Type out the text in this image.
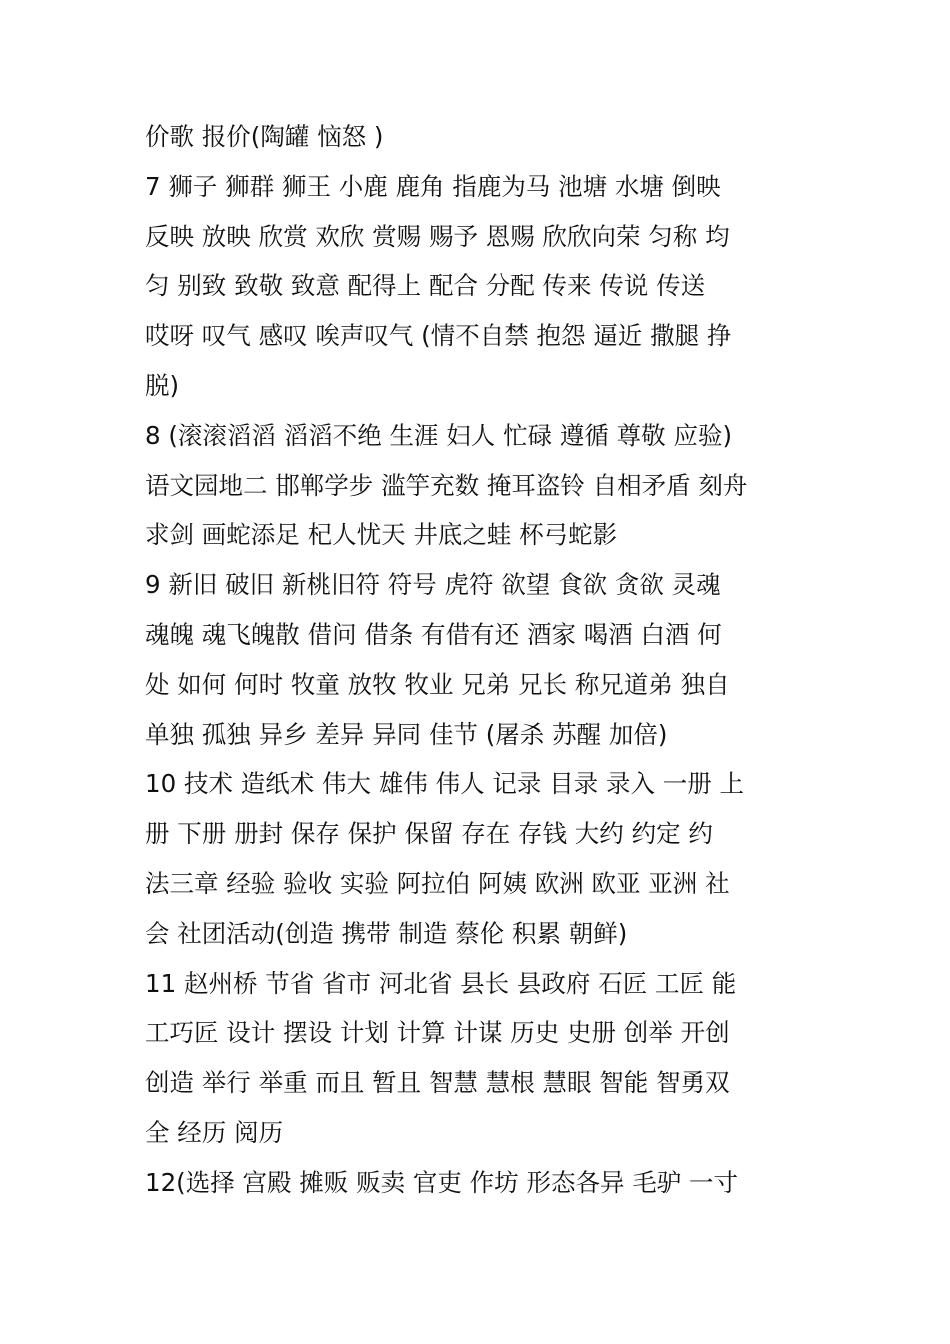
价歌 报价(陶罐 恼怒 )
7 狮子 狮群 狮王 小鹿 鹿角 指鹿为马 池塘 水塘 倒映
反映 放映 欣赏 欢欣 赏赐 赐予 恩赐 欣欣向荣 匀称 均
匀 别致 致敬 致意 配得上 配合 分配 传来 传说 传送
哎呀 叹气 感叹 唉声叹气 (情不自禁 抱怨 逼近 撒腿 挣
脱)
8 (滚滚滔滔 滔滔不绝 生涯 妇人 忙碌 遵循 尊敬 应验)
语文园地二 邯郸学步 滥竽充数 掩耳盗铃 自相矛盾 刻舟
求剑 画蛇添足 杞人忧天 井底之蛙 杯弓蛇影
9 新旧 破旧 新桃旧符 符号 虎符 欲望 食欲 贪欲 灵魂
魂魄 魂飞魄散 借问 借条 有借有还 酒家 喝酒 白酒 何
处 如何 何时 牧童 放牧 牧业 兄弟 兄长 称兄道弟 独自
单独 孤独 异乡 差异 异同 佳节 (屠杀 苏醒 加倍)
10 技术 造纸术 伟大 雄伟 伟人 记录 目录 录入 一册 上
册 下册 册封 保存 保护 保留 存在 存钱 大约 约定 约
法三章 经验 验收 实验 阿拉伯 阿姨 欧洲 欧亚 亚洲 社
会 社团活动(创造 携带 制造 蔡伦 积累 朝鲜)
11 赵州桥 节省 省市 河北省 县长 县政府 石匠 工匠 能
工巧匠 设计 摆设 计划 计算 计谋 历史 史册 创举 开创
创造 举行 举重 而且 暂且 智慧 慧根 慧眼 智能 智勇双
全 经历 阅历
12(选择 宫殿 摊贩 贩卖 官吏 作坊 形态各异 毛驴 一寸
